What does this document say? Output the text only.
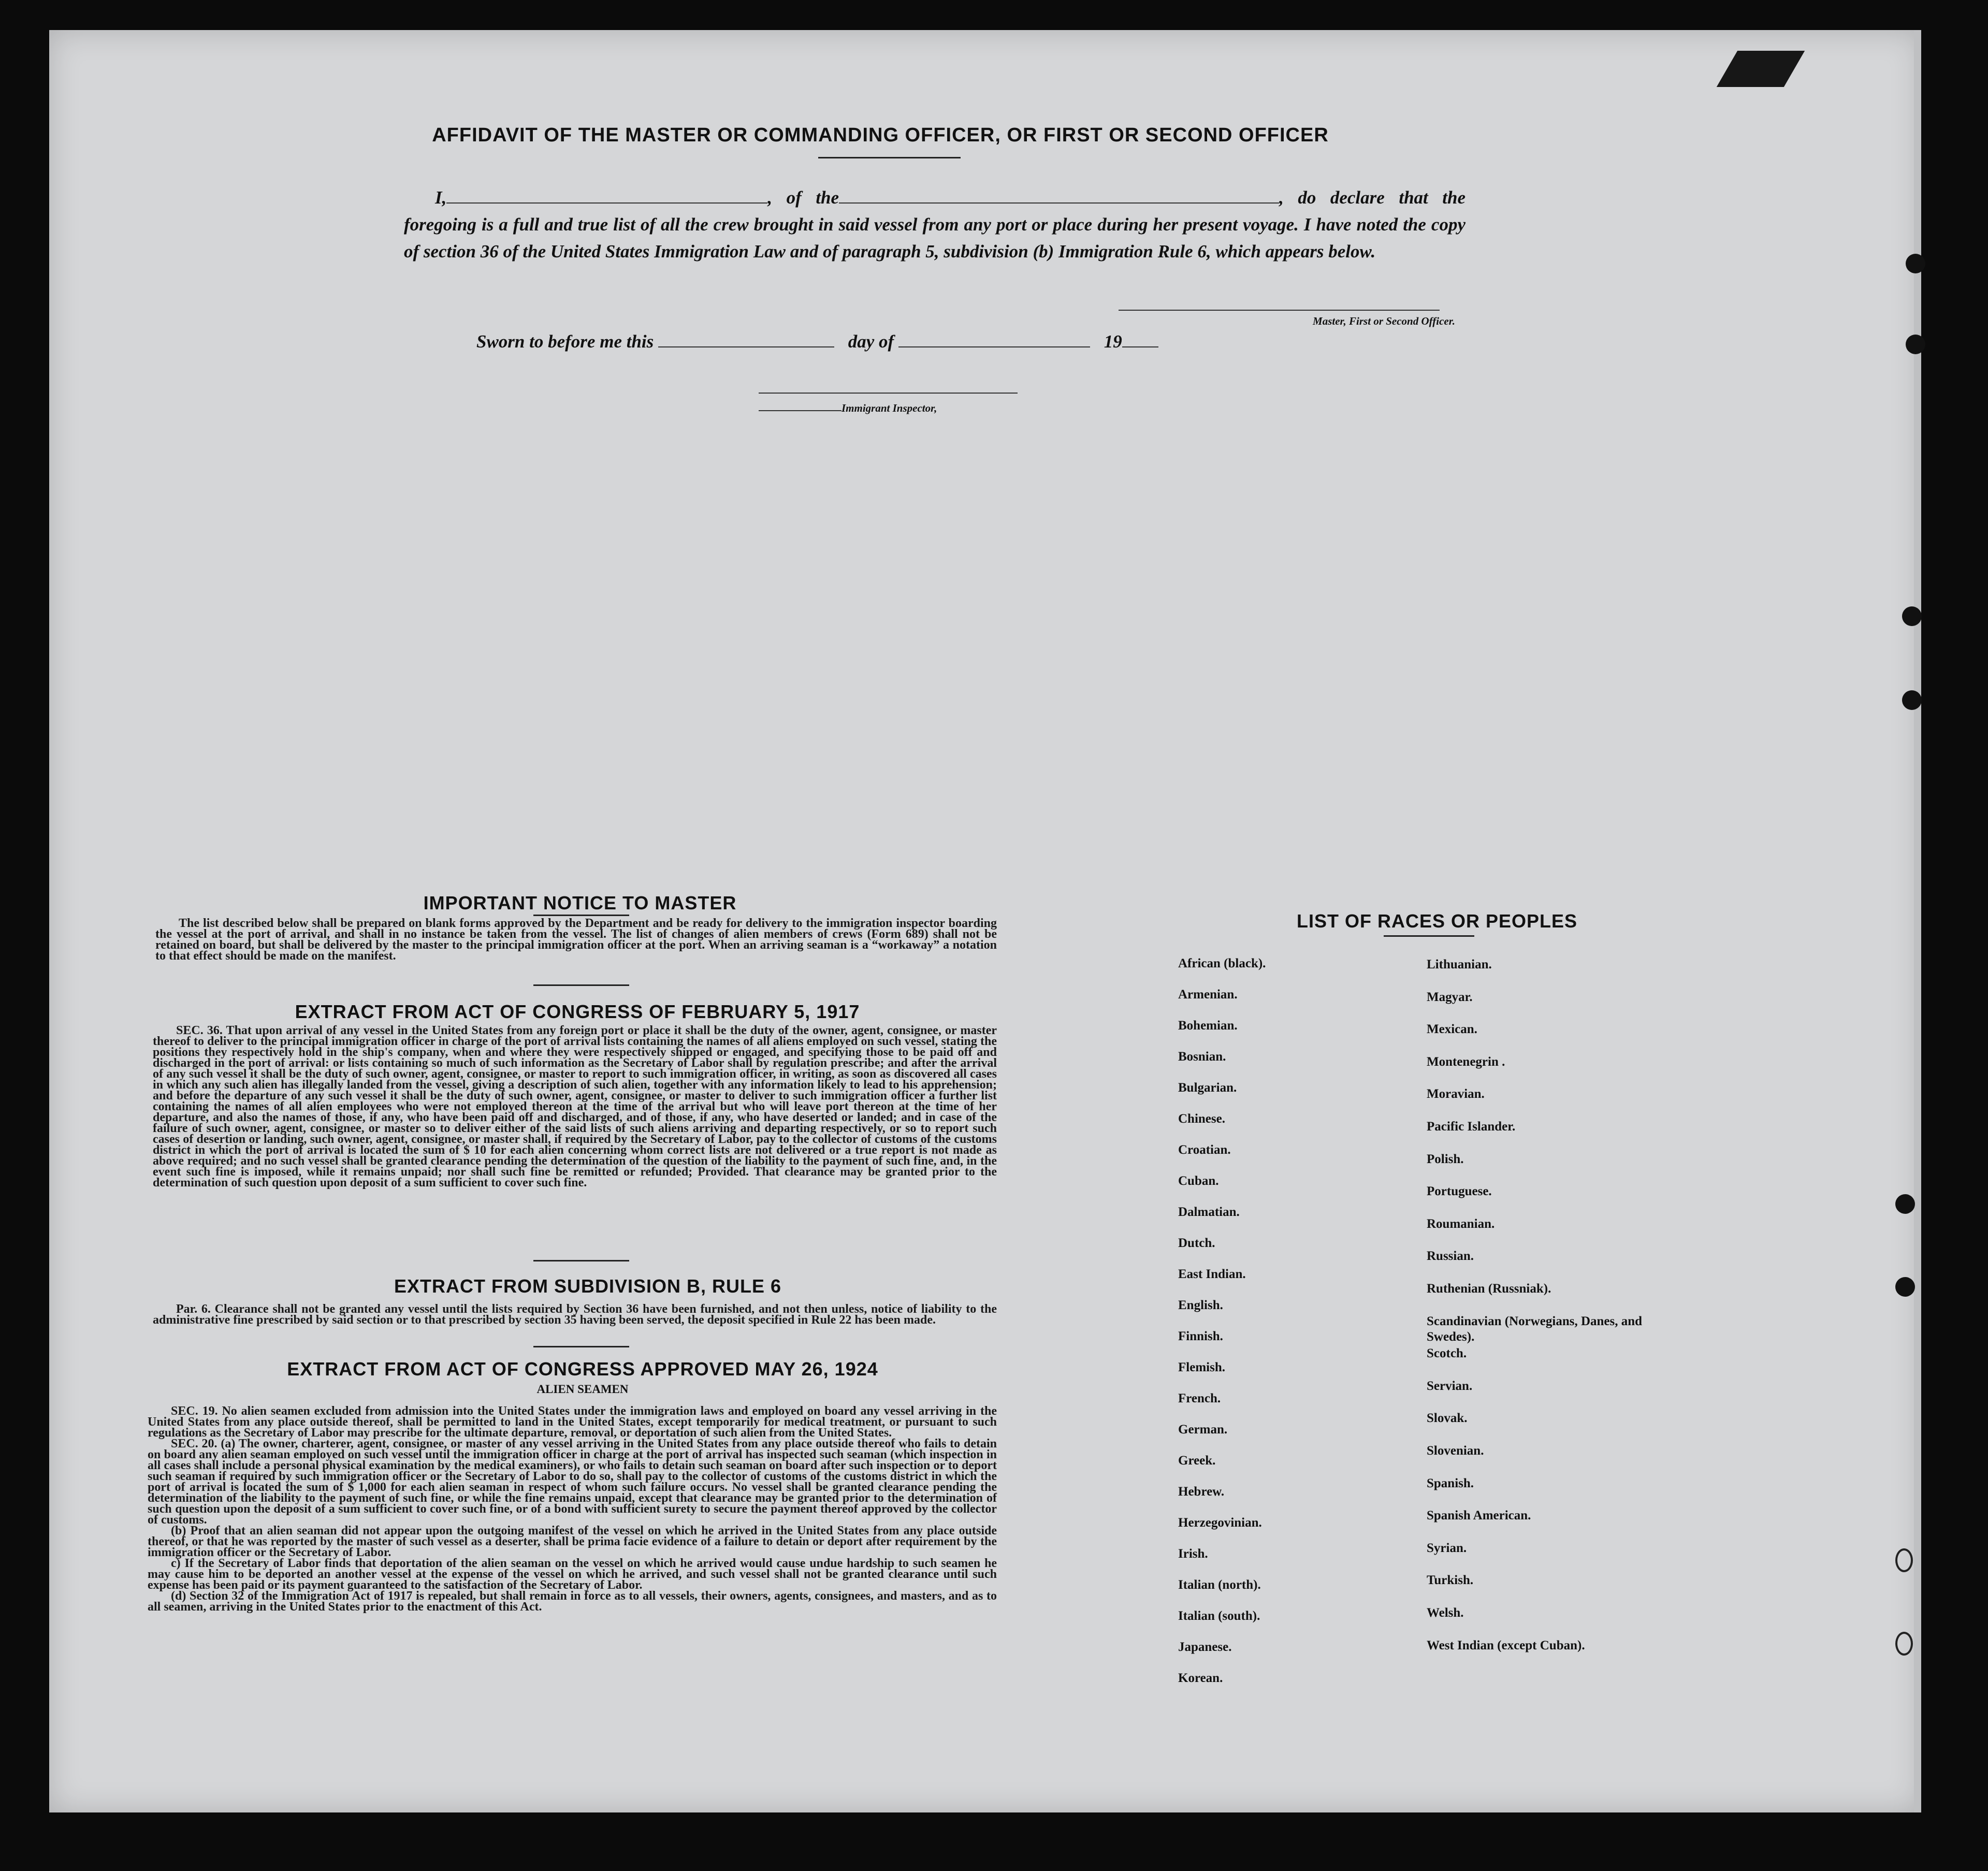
AFFIDAVIT OF THE MASTER OR COMMANDING OFFICER, OR FIRST OR SECOND OFFICER
I,	, of the	, do declare that the foregoing is a full and true list of all the crew brought in said vessel from any port or place during her present voyage. I have noted the copy of section 36 of the United States Immigration Law and of paragraph 5, subdivision (b) Immigration Rule 6, which appears below.
Master, First or Second Officer.
Sworn to before me this	day of	19
Immigrant Inspector,
IMPORTANT NOTICE TO MASTER

The list described below shall be prepared on blank forms approved by the Department and be ready for delivery to the immigration inspector boarding the vessel at the port of arrival, and shall in no instance be taken from the vessel. The list of changes of alien members of crews (Form 689) shall not be retained on board, but shall be delivered by the master to the principal immigration officer at the port. When an arriving seaman is a “workaway” a notation to that effect should be made on the manifest.

EXTRACT FROM ACT OF CONGRESS OF FEBRUARY 5, 1917

SEC. 36. That upon arrival of any vessel in the United States from any foreign port or place it shall be the duty of the owner, agent, consignee, or master thereof to deliver to the principal immigration officer in charge of the port of arrival lists containing the names of all aliens employed on such vessel, stating the positions they respectively hold in the ship's company, when and where they were respectively shipped or engaged, and specifying those to be paid off and discharged in the port of arrival: or lists containing so much of such information as the Secretary of Labor shall by regulation prescribe; and after the arrival of any such vessel it shall be the duty of such owner, agent, consignee, or master to report to such immigration officer, in writing, as soon as discovered all cases in which any such alien has illegally landed from the vessel, giving a description of such alien, together with any information likely to lead to his apprehension; and before the departure of any such vessel it shall be the duty of such owner, agent, consignee, or master to deliver to such immigration officer a further list containing the names of all alien employees who were not employed thereon at the time of the arrival but who will leave port thereon at the time of her departure, and also the names of those, if any, who have been paid off and discharged, and of those, if any, who have deserted or landed; and in case of the failure of such owner, agent, consignee, or master so to deliver either of the said lists of such aliens arriving and departing respectively, or so to report such cases of desertion or landing, such owner, agent, consignee, or master shall, if required by the Secretary of Labor, pay to the collector of customs of the customs district in which the port of arrival is located the sum of $ 10 for each alien concerning whom correct lists are not delivered or a true report is not made as above required; and no such vessel shall be granted clearance pending the determination of the question of the liability to the payment of such fine, and, in the event such fine is imposed, while it remains unpaid; nor shall such fine be remitted or refunded; Provided. That clearance may be granted prior to the determination of such question upon deposit of a sum sufficient to cover such fine.

EXTRACT FROM SUBDIVISION B, RULE 6

Par. 6. Clearance shall not be granted any vessel until the lists required by Section 36 have been furnished, and not then unless, notice of liability to the administrative fine prescribed by said section or to that prescribed by section 35 having been served, the deposit specified in Rule 22 has been made.

EXTRACT FROM ACT OF CONGRESS APPROVED MAY 26, 1924
ALIEN SEAMEN

SEC. 19. No alien seamen excluded from admission into the United States under the immigration laws and employed on board any vessel arriving in the United States from any place outside thereof, shall be permitted to land in the United States, except temporarily for medical treatment, or pursuant to such regulations as the Secretary of Labor may prescribe for the ultimate departure, removal, or deportation of such alien from the United States.

SEC. 20. (a) The owner, charterer, agent, consignee, or master of any vessel arriving in the United States from any place outside thereof who fails to detain on board any alien seaman employed on such vessel until the immigration officer in charge at the port of arrival has inspected such seaman (which inspection in all cases shall include a personal physical examination by the medical examiners), or who fails to detain such seaman on board after such inspection or to deport such seaman if required by such immigration officer or the Secretary of Labor to do so, shall pay to the collector of customs of the customs district in which the port of arrival is located the sum of $ 1,000 for each alien seaman in respect of whom such failure occurs. No vessel shall be granted clearance pending the determination of the liability to the payment of such fine, or while the fine remains unpaid, except that clearance may be granted prior to the determination of such question upon the deposit of a sum sufficient to cover such fine, or of a bond with sufficient surety to secure the payment thereof approved by the collector of customs.

(b) Proof that an alien seaman did not appear upon the outgoing manifest of the vessel on which he arrived in the United States from any place outside thereof, or that he was reported by the master of such vessel as a deserter, shall be prima facie evidence of a failure to detain or deport after requirement by the immigration officer or the Secretary of Labor.

c) If the Secretary of Labor finds that deportation of the alien seaman on the vessel on which he arrived would cause undue hardship to such seamen he may cause him to be deported an another vessel at the expense of the vessel on which he arrived, and such vessel shall not be granted clearance until such expense has been paid or its payment guaranteed to the satisfaction of the Secretary of Labor.

(d) Section 32 of the Immigration Act of 1917 is repealed, but shall remain in force as to all vessels, their owners, agents, consignees, and masters, and as to all seamen, arriving in the United States prior to the enactment of this Act.

LIST OF RACES OR PEOPLES
African (black).
Armenian.
Bohemian.
Bosnian.
Bulgarian.
Chinese.
Croatian.
Cuban.
Dalmatian.
Dutch.
East Indian.
English.
Finnish.
Flemish.
French.
German.
Greek.
Hebrew.
Herzegovinian.
Irish.
Italian (north).
Italian (south).
Japanese.
Korean.
Lithuanian.
Magyar.
Mexican.
Montenegrin .
Moravian.
Pacific Islander.
Polish.
Portuguese.
Roumanian.
Russian.
Ruthenian (Russniak).
Scandinavian (Norwegians, Danes, and Swedes).
Scotch.
Servian.
Slovak.
Slovenian.
Spanish.
Spanish American.
Syrian.
Turkish.
Welsh.
West Indian (except Cuban).
